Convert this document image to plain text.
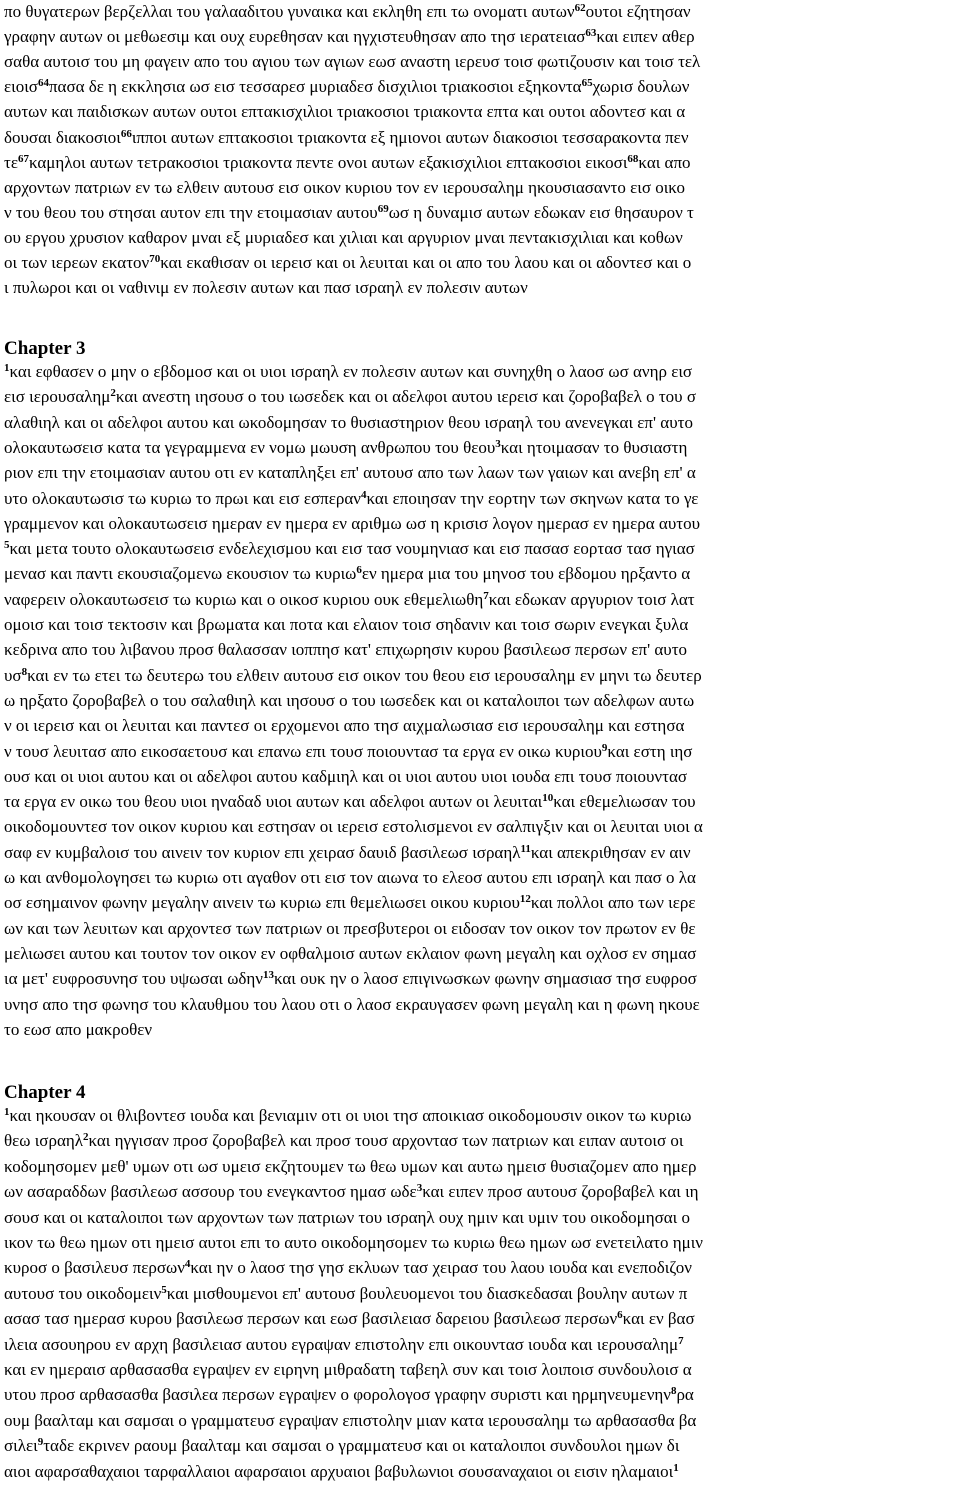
πο θυγατερων βερζελλαι του γαλααδιτου γυναικα και εκληθη επι τω ονοματι αυτων$^{62}$ουτοι εζητησαν
γραφην αυτων οι μεθωεσιμ και ουχ ευρεθησαν και ηγχιστευθησαν απο τησ ιερατειασ$^{63}$και ειπεν αθερ
σαθα αυτοισ του μη φαγειν απο του αγιου των αγιων εωσ αναστη ιερευσ τοισ φωτιζουσιν και τοισ τελ
ειοισ$^{64}$πασα δε η εκκλησια ωσ εισ τεσσαρεσ μυριαδεσ δισχιλιοι τριακοσιοι εξηκοντα$^{65}$χωρισ δουλων
αυτων και παιδισκων αυτων ουτοι επτακισχιλιοι τριακοσιοι τριακοντα επτα και ουτοι αδοντεσ και α
δουσαι διακοσιοι$^{66}$ιπποι αυτων επτακοσιοι τριακοντα εξ ημιονοι αυτων διακοσιοι τεσσαρακοντα πεν
$\tau\varepsilon^{67}\kappa\alpha\mu\eta\lambda o\iota$ αυτων τετρακοσιοι τριακοντα πεντε ονοι αυτων εξακισχιλιοι επτακοσιοι εικοσι$^{68}$και απο
αρχοντων πατριων εν τω ελθειν αυτουσ εισ οικον κυριου τον εν ιερουσαλημ ηκουσιασαντο εισ οικο
ν του θεου του στησαι αυτον επι την ετοιμασιαν αυτου$^{69}$ωσ η δυναμισ αυτων εδωκαν εισ θησαυρον τ
ου εργου χρυσιον καθαρον μναι εξ μυριαδεσ και χιλιαι και αργυριον μναι πεντακισχιλιαι και κοθων
οι των ιερεων εκατον$^{70}$και εκαθισαν οι ιερεισ και οι λευιται και οι απο του λαου και οι αδοντεσ και ο
ι πυλωροι και οι ναθινιμ εν πολεσιν αυτων και πασ ισραηλ εν πολεσιν αυτων
Chapter 3
$^1$και εφθασεν ο μην ο εβδομοσ και οι υιοι ισραηλ εν πολεσιν αυτων και συνηχθη ο λαοσ ωσ ανηρ εισ
εισ ιερουσαλημ$^2$και ανεστη ιησουσ ο του ιωσεδεκ και οι αδελφοι αυτου ιερεισ και ζοροβαβελ ο του σ
αλαθιηλ και οι αδελφοι αυτου και ωκοδομησαν το θυσιαστηριον θεου ισραηλ του ανενεγκαι επ' αυτο
ολοκαυτωσεισ κατα τα γεγραμμενα εν νομω μωυση ανθρωπου του θεου$^3$και ητοιμασαν το θυσιαστη
ριον επι την ετοιμασιαν αυτου οτι εν καταπληξει επ' αυτουσ απο των λαων των γαιων και ανεβη επ' α
υτο ολοκαυτωσισ τω κυριω το πρωι και εισ εσπεραν$^4$και εποιησαν την εορτην των σκηνων κατα το γε
γραμμενον και ολοκαυτωσεισ ημεραν εν ημερα εν αριθμω ωσ η κρισισ λογον ημερασ εν ημερα αυτου
$^5$και μετα τουτο ολοκαυτωσεισ ενδελεχισμου και εισ τασ νουμηνιασ και εισ πασασ εορτασ τασ ηγιασ
μενασ και παντι εκουσιαζομενω εκουσιον τω κυριω$^6$εν ημερα μια του μηνοσ του εβδομου ηρξαντο α
ναφερειν ολοκαυτωσεισ τω κυριω και ο οικοσ κυριου ουκ εθεμελιωθη$^7$και εδωκαν αργυριον τοισ λατ
ομοισ και τοισ τεκτοσιν και βρωματα και ποτα και ελαιον τοισ σηδανιν και τοισ σωριν ενεγκαι ξυλα
κεδρινα απο του λιβανου προσ θαλασσαν ιοππησ κατ' επιχωρησιν κυρου βασιλεωσ περσων επ' αυτο
$\upsilon\sigma^8\kappa\alpha\iota$ εν τω ετει τω δευτερω του ελθειν αυτουσ εισ οικον του θεου εισ ιερουσαλημ εν μηνι τω δευτερ
ω ηρξατο ζοροβαβελ ο του σαλαθιηλ και ιησουσ ο του ιωσεδεκ και οι καταλοιποι των αδελφων αυτω
ν οι ιερεισ και οι λευιται και παντεσ οι ερχομενοι απο τησ αιχμαλωσιασ εισ ιερουσαλημ και εστησα
ν τουσ λευιτασ απο εικοσαετουσ και επανω επι τουσ ποιουντασ τα εργα εν οικω κυριου$^9$και εστη ιησ
ουσ και οι υιοι αυτου και οι αδελφοι αυτου καδμιηλ και οι υιοι αυτου υιοι ιουδα επι τουσ ποιουντασ
τα εργα εν οικω του θεου υιοι ηναδαδ υιοι αυτων και αδελφοι αυτων οι λευιται$^{10}$και εθεμελιωσαν του
οικοδομουντεσ τον οικον κυριου και εστησαν οι ιερεισ εστολισμενοι εν σαλπιγξιν και οι λευιται υιοι α
σαφ εν κυμβαλοισ του αινειν τον κυριον επι χειρασ δαυιδ βασιλεωσ ισραηλ$^{11}$και απεκριθησαν εν αιν
ω και ανθομολογησει τω κυριω οτι αγαθον οτι εισ τον αιωνα το ελεοσ αυτου επι ισραηλ και πασ ο λα
οσ εσημαινον φωνην μεγαλην αινειν τω κυριω επι θεμελιωσει οικου κυριου$^{12}$και πολλοι απο των ιερε
ων και των λευιτων και αρχοντεσ των πατριων οι πρεσβυτεροι οι ειδοσαν τον οικον τον πρωτον εν θε
μελιωσει αυτου και τουτον τον οικον εν οφθαλμοισ αυτων εκλαιον φωνη μεγαλη και οχλοσ εν σημασ
ια μετ' ευφροσυνησ του υψωσαι ωδην$^{13}$και ουκ ην ο λαοσ επιγινωσκων φωνην σημασιασ τησ ευφροσ
υνησ απο τησ φωνησ του κλαυθμου του λαου οτι ο λαοσ εκραυγασεν φωνη μεγαλη και η φωνη ηκουε
το εωσ απο μακροθεν
Chapter 4
$^1$και ηκουσαν οι θλιβοντεσ ιουδα και βενιαμιν οτι οι υιοι τησ αποικιασ οικοδομουσιν οικον τω κυριω
θεω ισραηλ$^2$και ηγγισαν προσ ζοροβαβελ και προσ τουσ αρχοντασ των πατριων και ειπαν αυτοισ οι
κοδομησομεν μεθ' υμων οτι ωσ υμεισ εκζητουμεν τω θεω υμων και αυτω ημεισ θυσιαζομεν απο ημερ
ων ασαραδδων βασιλεωσ ασσουρ του ενεγκαντοσ ημασ ωδε$^3$και ειπεν προσ αυτουσ ζοροβαβελ και ιη
σουσ και οι καταλοιποι των αρχοντων των πατριων του ισραηλ ουχ ημιν και υμιν του οικοδομησαι ο
ικον τω θεω ημων οτι ημεισ αυτοι επι το αυτο οικοδομησομεν τω κυριω θεω ημων ωσ ενετειλατο ημιν
κυροσ ο βασιλευσ περσων$^4$και ην ο λαοσ τησ γησ εκλυων τασ χειρασ του λαου ιουδα και ενεποδιζον
αυτουσ του οικοδομειν$^5$και μισθουμενοι επ' αυτουσ βουλευομενοι του διασκεδασαι βουλην αυτων π
ασασ τασ ημερασ κυρου βασιλεωσ περσων και εωσ βασιλειασ δαρειου βασιλεωσ περσων$^6$και εν βασ
ιλεια ασουηρου εν αρχη βασιλειασ αυτου εγραψαν επιστολην επι οικουντασ ιουδα και ιερουσαλημ$^7$
και εν ημεραισ αρθασασθα εγραψεν εν ειρηνη μιθραδατη ταβεηλ συν και τοισ λοιποισ συνδουλοισ α
υτου προσ αρθασασθα βασιλεα περσων εγραψεν ο φορολογοσ γραφην συριστι και ηρμηνευμενην$^8$ρα
ουμ βααλταμ και σαμσαι ο γραμματευσ εγραψαν επιστολην μιαν κατα ιερουσαλημ τω αρθασασθα βα
σιλει$^9$ταδε εκρινεν ραουμ βααλταμ και σαμσαι ο γραμματευσ και οι καταλοιποι συνδουλοι ημων δι
αιοι αφαρσαθαχαιοι ταρφαλλαιοι αφαρσαιοι αρχυαιοι βαβυλωνιοι σουσαναχαιοι οι εισιν ηλαμαιοι$^1$
